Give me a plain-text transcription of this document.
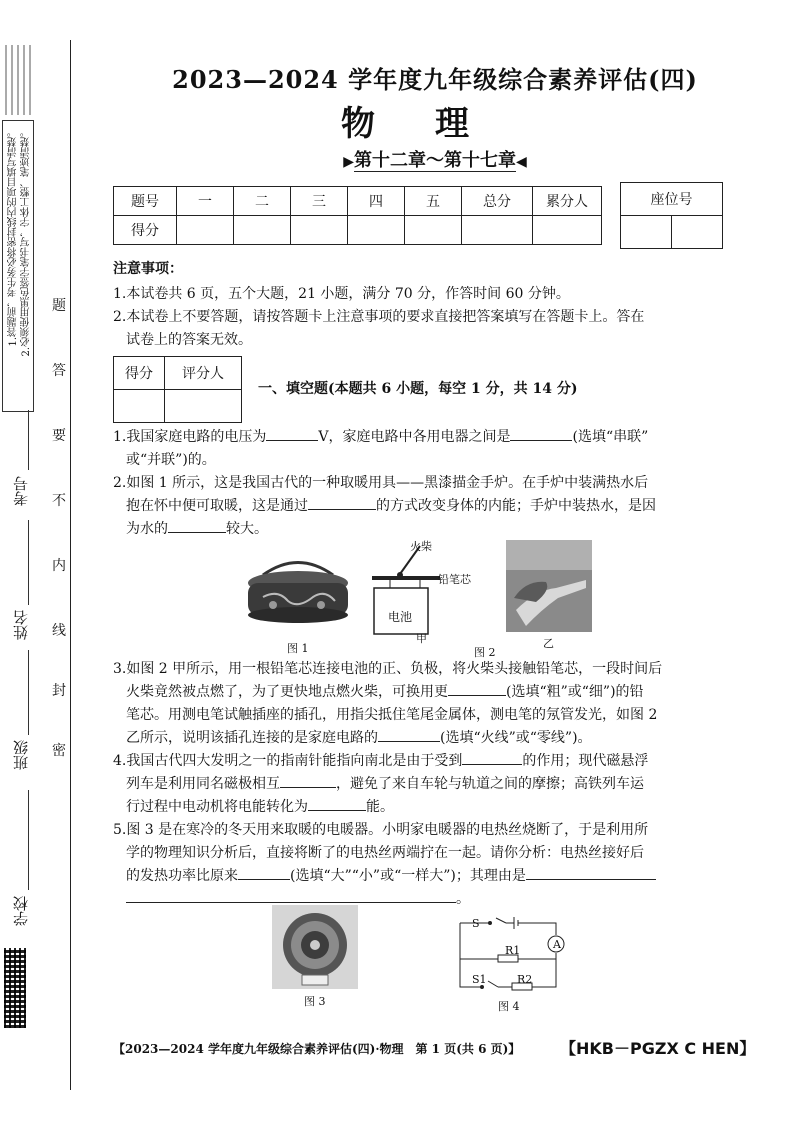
1.答题前，考生务必将密封线内的项目填写清楚。 2.必须使用黑色签字笔书写，字体工整、笔迹清楚。
密
封
线
内
不
要
答
题
学校
班级
姓名
考号
2023—2024 学年度九年级综合素养评估(四)
物理
▶第十二章～第十七章◀
题号	一	二	三	四	五	总分	累分人
得分							
座位号

注意事项：
1.本试卷共 6 页，五个大题，21 小题，满分 70 分，作答时间 60 分钟。
2.本试卷上不要答题，请按答题卡上注意事项的要求直接把答案填写在答题卡上。答在
试卷上的答案无效。
得分	评分人

一、填空题(本题共 6 小题，每空 1 分，共 14 分)
1.我国家庭电路的电压为	V，家庭电路中各用电器之间是	(选填“串联”
或“并联”)的。
2.如图 1 所示，这是我国古代的一种取暖用具——黑漆描金手炉。在手炉中装满热水后
抱在怀中便可取暖，这是通过	的方式改变身体的内能；手炉中装热水，是因
为水的	较大。
图 1
火柴
铅笔芯
电池
甲
图 2
乙
3.如图 2 甲所示，用一根铅笔芯连接电池的正、负极，将火柴头接触铅笔芯，一段时间后
火柴竟然被点燃了，为了更快地点燃火柴，可换用更	(选填“粗”或“细”)的铅
笔芯。用测电笔试触插座的插孔，用指尖抵住笔尾金属体，测电笔的氖管发光，如图 2
乙所示，说明该插孔连接的是家庭电路的	(选填“火线”或“零线”)。
4.我国古代四大发明之一的指南针能指向南北是由于受到	的作用；现代磁悬浮
列车是利用同名磁极相互	，避免了来自车轮与轨道之间的摩擦；高铁列车运
行过程中电动机将电能转化为	能。
5.图 3 是在寒冷的冬天用来取暖的电暖器。小明家电暖器的电热丝烧断了，于是利用所
学的物理知识分析后，直接将断了的电热丝两端拧在一起。请你分析：电热丝接好后
的发热功率比原来	(选填“大”“小”或“一样大”)；其理由是
。
图 3
S
S1
R1
R2
A
图 4
【2023—2024 学年度九年级综合素养评估(四)·物理　第 1 页(共 6 页)】 【HKB－PGZX C HEN】
